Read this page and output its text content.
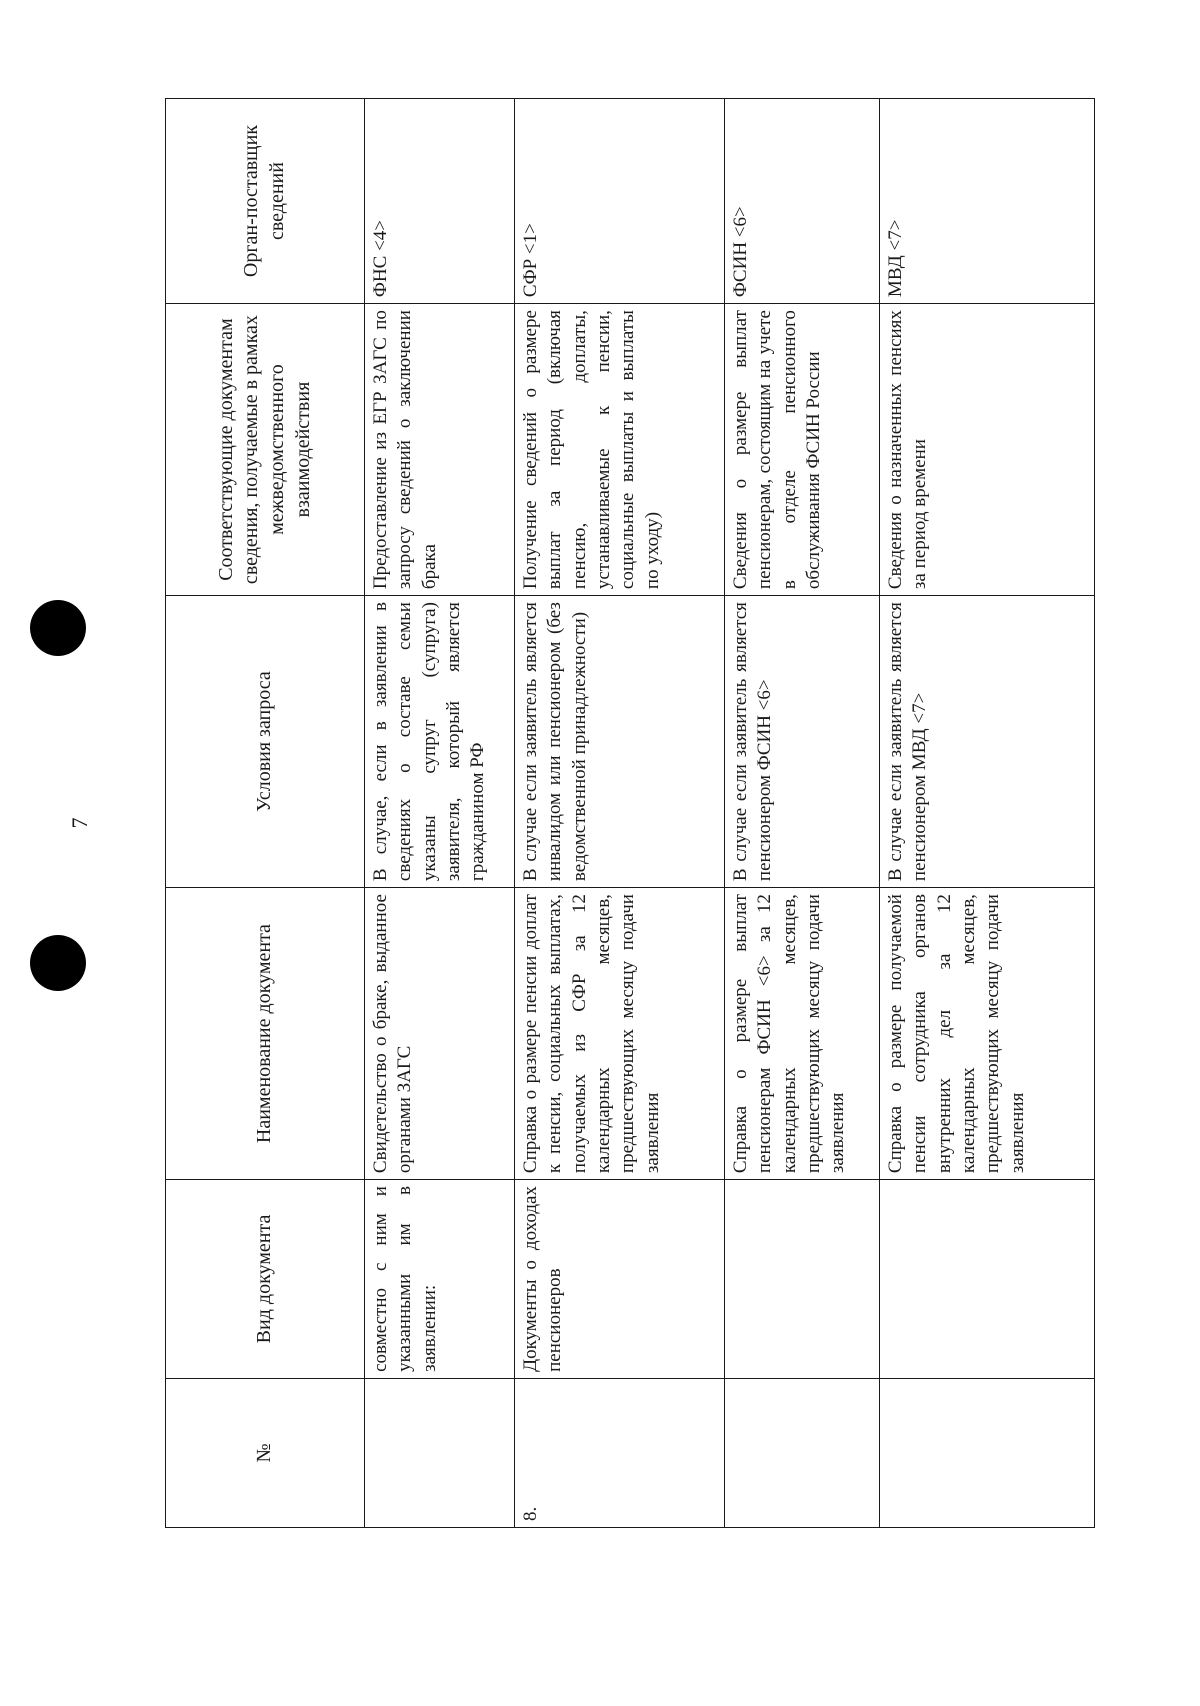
7
№	Вид документа	Наименование документа	Условия запроса	Соответствующие документам сведения, получаемые в рамках межведомственного взаимодействия	Орган-поставщик сведений
	совместно с ним и указанными им в заявлении:	Свидетельство о браке, выданное органами ЗАГС	В случае, если в заявлении в сведениях о составе семьи указаны супруг (супруга) заявителя, который является гражданином РФ	Предоставление из ЕГР ЗАГС по запросу сведений о заключении брака	ФНС <4>
8.	Документы о доходах пенсионеров	Справка о размере пенсии доплат к пенсии, социальных выплатах, получаемых из СФР за 12 календарных месяцев, предшествующих месяцу подачи заявления	В случае если заявитель является инвалидом или пенсионером (без ведомственной принадлежности)	Получение сведений о размере выплат за период (включая пенсию, доплаты, устанавливаемые к пенсии, социальные выплаты и выплаты по уходу)	СФР <1>
		Справка о размере выплат пенсионерам ФСИН <6> за 12 календарных месяцев, предшествующих месяцу подачи заявления	В случае если заявитель является пенсионером ФСИН <6>	Сведения о размере выплат пенсионерам, состоящим на учете в отделе пенсионного обслуживания ФСИН России	ФСИН <6>
		Справка о размере получаемой пенсии сотрудника органов внутренних дел за 12 календарных месяцев, предшествующих месяцу подачи заявления	В случае если заявитель является пенсионером МВД <7>	Сведения о назначенных пенсиях за период времени	МВД <7>
